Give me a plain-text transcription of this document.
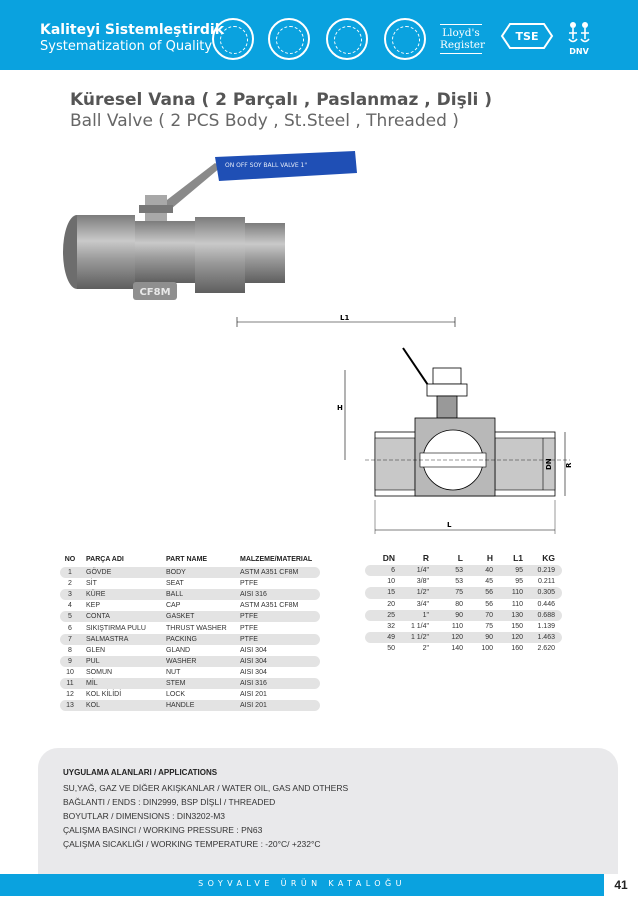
Kaliteyi Sistemleştirdik
Systematization of Quality
Lloyd's
Register
TSE
DNV
Küresel Vana ( 2 Parçalı , Paslanmaz , Dişli )
Ball Valve ( 2 PCS Body , St.Steel , Threaded )
ON OFF SOY BALL VALVE 1"
CF8M
L1
H
DN R
L
NO	PARÇA ADI	PART NAME	MALZEME/MATERIAL
1	GÖVDE	BODY	ASTM A351 CF8M
2	SİT	SEAT	PTFE
3	KÜRE	BALL	AISI 316
4	KEP	CAP	ASTM A351 CF8M
5	CONTA	GASKET	PTFE
6	SIKIŞTIRMA PULU	THRUST WASHER	PTFE
7	SALMASTRA	PACKING	PTFE
8	GLEN	GLAND	AISI 304
9	PUL	WASHER	AISI 304
10	SOMUN	NUT	AISI 304
11	MİL	STEM	AISI 316
12	KOL KİLİDİ	LOCK	AISI 201
13	KOL	HANDLE	AISI 201
DN	R	L	H	L1	KG
6	1/4"	53	40	95	0.219
10	3/8"	53	45	95	0.211
15	1/2"	75	56	110	0.305
20	3/4"	80	56	110	0.446
25	1"	90	70	130	0.688
32	1 1/4"	110	75	150	1.139
49	1 1/2"	120	90	120	1.463
50	2"	140	100	160	2.620
UYGULAMA ALANLARI / APPLICATIONS
SU,YAĞ, GAZ VE DİĞER AKIŞKANLAR / WATER OIL, GAS AND OTHERS
BAĞLANTI / ENDS : DIN2999, BSP DİŞLİ / THREADED
BOYUTLAR / DIMENSIONS : DIN3202-M3
ÇALIŞMA BASINCI / WORKING PRESSURE : PN63
ÇALIŞMA SICAKLIĞI / WORKING TEMPERATURE : -20°C/ +232°C
SOYVALVE ÜRÜN KATALOĞU	41
